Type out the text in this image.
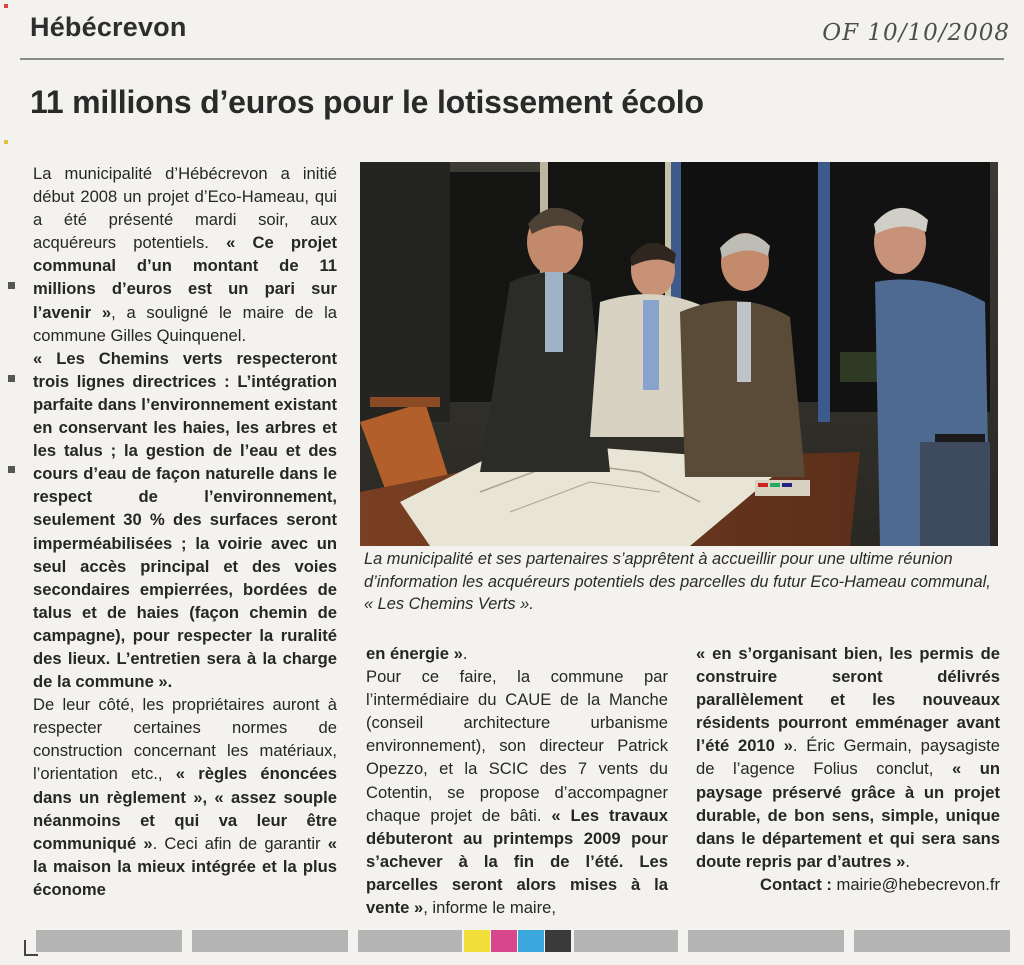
Hébécrevon	OF 10/10/2008
11 millions d’euros pour le lotissement écolo

La municipalité d’Hébécrevon a initié début 2008 un projet d’Eco-Hameau, qui a été présenté mardi soir, aux acquéreurs potentiels. « Ce projet communal d’un montant de 11 millions d’euros est un pari sur l’avenir », a souligné le maire de la commune Gilles Quinquenel.

« Les Chemins verts respecteront trois lignes directrices : L’intégration parfaite dans l’environnement existant en conservant les haies, les arbres et les talus ; la gestion de l’eau et des cours d’eau de façon naturelle dans le respect de l’environnement, seulement 30 % des surfaces seront imperméabilisées ; la voirie avec un seul accès principal et des voies secondaires empierrées, bordées de talus et de haies (façon chemin de campagne), pour respecter la ruralité des lieux. L’entretien sera à la charge de la commune ».

De leur côté, les propriétaires auront à respecter certaines normes de construction concernant les matériaux, l’orientation etc., « règles énoncées dans un règlement », « assez souple néanmoins et qui va leur être communiqué ». Ceci afin de garantir « la maison la mieux intégrée et la plus économe

La municipalité et ses partenaires s’apprêtent à accueillir pour une ultime réunion d’information les acquéreurs potentiels des parcelles du futur Eco-Hameau communal, « Les Chemins Verts ».

en énergie ».

Pour ce faire, la commune par l’intermédiaire du CAUE de la Manche (conseil architecture urbanisme environnement), son directeur Patrick Opezzo, et la SCIC des 7 vents du Cotentin, se propose d’accompagner chaque projet de bâti. « Les travaux débuteront au printemps 2009 pour s’achever à la fin de l’été. Les parcelles seront alors mises à la vente », informe le maire,

« en s’organisant bien, les permis de construire seront délivrés parallèlement et les nouveaux résidents pourront emménager avant l’été 2010 ». Éric Germain, paysagiste de l’agence Folius conclut, « un paysage préservé grâce à un projet durable, de bon sens, simple, unique dans le département et qui sera sans doute repris par d’autres ».

Contact : mairie@hebecrevon.fr
